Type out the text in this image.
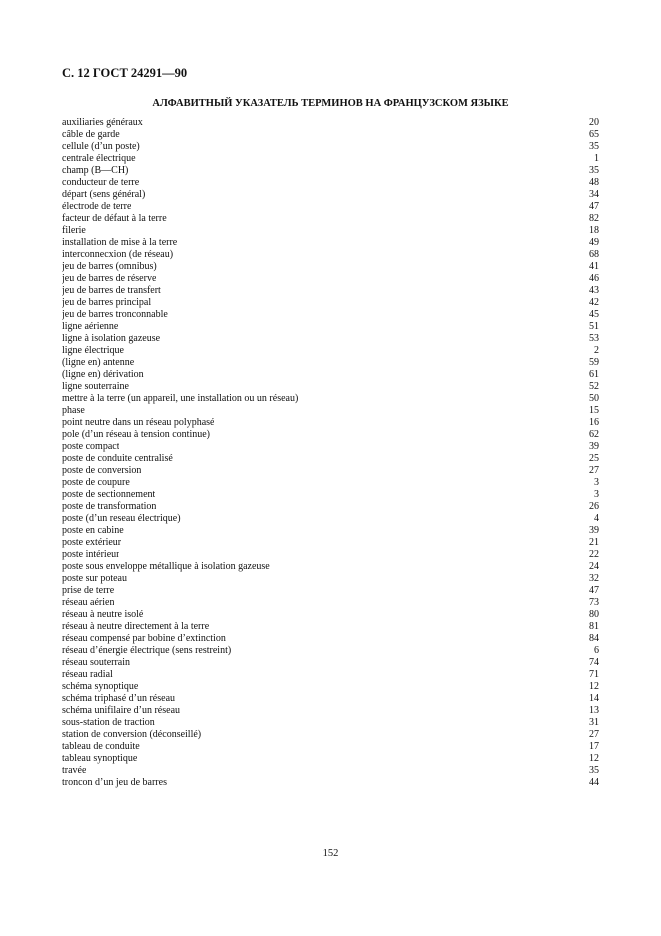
С. 12 ГОСТ 24291—90
АЛФАВИТНЫЙ УКАЗАТЕЛЬ ТЕРМИНОВ НА ФРАНЦУЗСКОМ ЯЗЫКЕ
auxiliaries généraux	20
câble de garde	65
cellule (d’un poste)	35
centrale électrique	1
champ (B—CH)	35
conducteur de terre	48
départ (sens général)	34
électrode de terre	47
facteur de défaut à la terre	82
filerie	18
installation de mise à la terre	49
interconnecxion (de réseau)	68
jeu de barres (omnibus)	41
jeu de barres de réserve	46
jeu de barres de transfert	43
jeu de barres principal	42
jeu de barres tronconnable	45
ligne aérienne	51
ligne à isolation gazeuse	53
ligne électrique	2
(ligne en) antenne	59
(ligne en) dérivation	61
ligne souterraine	52
mettre à la terre (un appareil, une installation ou un réseau)	50
phase	15
point neutre dans un réseau polyphasé	16
pole (d’un réseau à tension continue)	62
poste compact	39
poste de conduite centralisé	25
poste de conversion	27
poste de coupure	3
poste de sectionnement	3
poste de transformation	26
poste (d’un reseau électrique)	4
poste en cabine	39
poste extérieur	21
poste intérieur	22
poste sous enveloppe métallique à isolation gazeuse	24
poste sur poteau	32
prise de terre	47
réseau aérien	73
réseau à neutre isolé	80
réseau à neutre directement à la terre	81
réseau compensé par bobine d’extinction	84
réseau d’énergie électrique (sens restreint)	6
réseau souterrain	74
réseau radial	71
schéma synoptique	12
schéma triphasé d’un réseau	14
schéma unifilaire d’un réseau	13
sous-station de traction	31
station de conversion (déconseillé)	27
tableau de conduite	17
tableau synoptique	12
travée	35
troncon d’un jeu de barres	44
152
